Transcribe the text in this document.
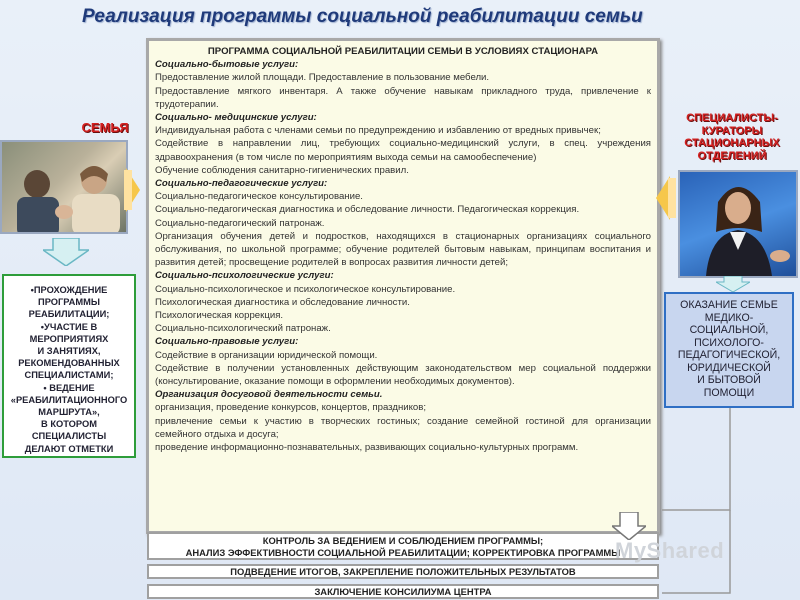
Реализация программы социальной реабилитации семьи
СЕМЬЯ
•ПРОХОЖДЕНИЕ
ПРОГРАММЫ
РЕАБИЛИТАЦИИ;
•УЧАСТИЕ В
МЕРОПРИЯТИЯХ
И ЗАНЯТИЯХ,
РЕКОМЕНДОВАННЫХ
СПЕЦИАЛИСТАМИ;
• ВЕДЕНИЕ
«РЕАБИЛИТАЦИОННОГО
МАРШРУТА»,
В КОТОРОМ
СПЕЦИАЛИСТЫ
ДЕЛАЮТ ОТМЕТКИ
ПРОГРАММА СОЦИАЛЬНОЙ РЕАБИЛИТАЦИИ СЕМЬИ В УСЛОВИЯХ СТАЦИОНАРА

Социально-бытовые услуги:

Предоставление жилой площади. Предоставление в пользование мебели.

Предоставление мягкого инвентаря. А также обучение навыкам прикладного труда, привлечение к трудотерапии.

Социально- медицинские услуги:

Индивидуальная работа с членами семьи по предупреждению и избавлению от вредных привычек;

Содействие в направлении лиц, требующих социально-медицинский услуги, в спец. учреждения здравоохранения (в том числе по мероприятиям выхода семьи на самообеспечение)

Обучение соблюдения санитарно-гигиенических правил.

Социально-педагогические услуги:

Социально-педагогическое консультирование.

Социально-педагогическая диагностика и обследование личности. Педагогическая коррекция.

Социально-педагогический патронаж.

Организация обучения детей и подростков, находящихся в стационарных организациях социального обслуживания, по школьной программе; обучение родителей бытовым навыкам, принципам воспитания и развития детей; просвещение родителей в вопросах развития личности детей;

Социально-психологические услуги:

Социально-психологическое и психологическое консультирование.

Психологическая диагностика и обследование личности.

Психологическая коррекция.

Социально-психологический патронаж.

Социально-правовые услуги:

Содействие в организации юридической помощи.

Содействие в получении установленных действующим законодательством мер социальной поддержки (консультирование, оказание помощи в оформлении необходимых документов).

Организация досуговой деятельности семьи.

организация, проведение конкурсов, концертов, праздников;

привлечение семьи к участию в творческих гостиных; создание семейной гостиной для организации семейного отдыха и досуга;

проведение информационно-познавательных, развивающих социально-культурных программ.

СПЕЦИАЛИСТЫ-
КУРАТОРЫ
СТАЦИОНАРНЫХ
ОТДЕЛЕНИЙ
ОКАЗАНИЕ СЕМЬЕ
МЕДИКО-
СОЦИАЛЬНОЙ,
ПСИХОЛОГО-
ПЕДАГОГИЧЕСКОЙ,
ЮРИДИЧЕСКОЙ
И БЫТОВОЙ
ПОМОЩИ
КОНТРОЛЬ ЗА ВЕДЕНИЕМ И СОБЛЮДЕНИЕМ ПРОГРАММЫ;
АНАЛИЗ ЭФФЕКТИВНОСТИ СОЦИАЛЬНОЙ РЕАБИЛИТАЦИИ; КОРРЕКТИРОВКА ПРОГРАММЫ
ПОДВЕДЕНИЕ ИТОГОВ, ЗАКРЕПЛЕНИЕ ПОЛОЖИТЕЛЬНЫХ РЕЗУЛЬТАТОВ
ЗАКЛЮЧЕНИЕ КОНСИЛИУМА ЦЕНТРА
MyShared
